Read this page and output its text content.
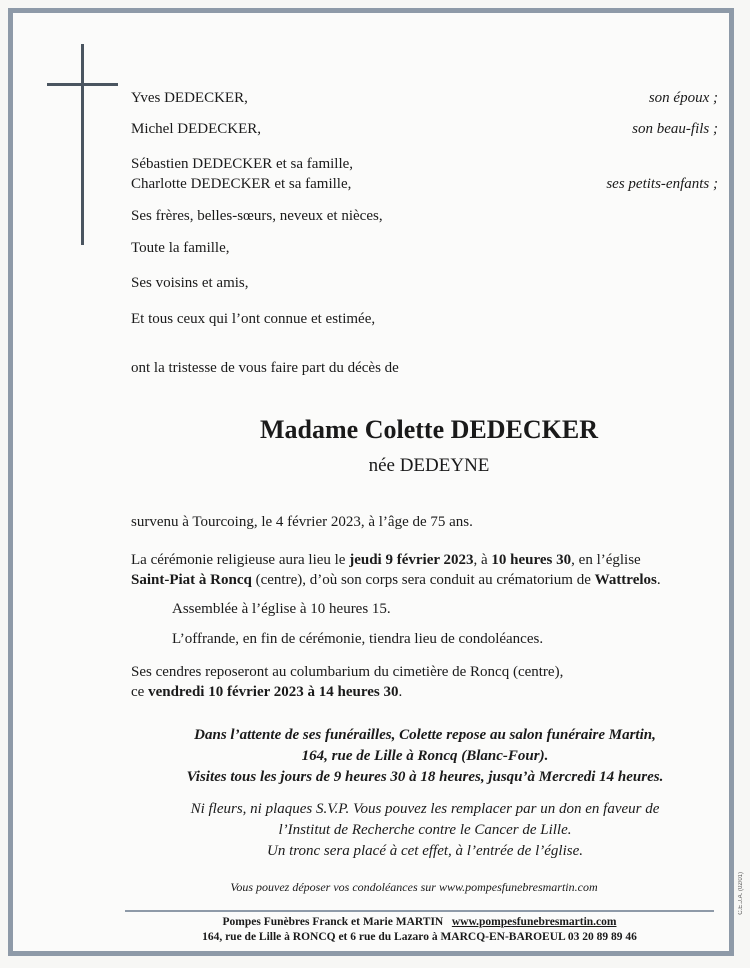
Yves DEDECKER,	son époux ;
Michel DEDECKER,	son beau-fils ;
Sébastien DEDECKER et sa famille,
Charlotte DEDECKER et sa famille,	ses petits-enfants ;
Ses frères, belles-sœurs, neveux et nièces,
Toute la famille,
Ses voisins et amis,
Et tous ceux qui l’ont connue et estimée,
ont la tristesse de vous faire part du décès de
Madame Colette DEDECKER
née DEDEYNE
survenu à Tourcoing, le 4 février 2023, à l’âge de 75 ans.
La cérémonie religieuse aura lieu le jeudi 9 février 2023, à 10 heures 30, en l’église
Saint-Piat à Roncq (centre), d’où son corps sera conduit au crématorium de Wattrelos.
Assemblée à l’église à 10 heures 15.
L’offrande, en fin de cérémonie, tiendra lieu de condoléances.
Ses cendres reposeront au columbarium du cimetière de Roncq (centre),
ce vendredi 10 février 2023 à 14 heures 30.
Dans l’attente de ses funérailles, Colette repose au salon funéraire Martin,
164, rue de Lille à Roncq (Blanc-Four).
Visites tous les jours de 9 heures 30 à 18 heures, jusqu’à Mercredi 14 heures.
Ni fleurs, ni plaques S.V.P. Vous pouvez les remplacer par un don en faveur de
l’Institut de Recherche contre le Cancer de Lille.
Un tronc sera placé à cet effet, à l’entrée de l’église.
Vous pouvez déposer vos condoléances sur www.pompesfunebresmartin.com
Pompes Funèbres Franck et Marie MARTIN www.pompesfunebresmartin.com
164, rue de Lille à RONCQ et 6 rue du Lazaro à MARCQ-EN-BAROEUL 03 20 89 89 46
C.E.J.A. (02/01)
